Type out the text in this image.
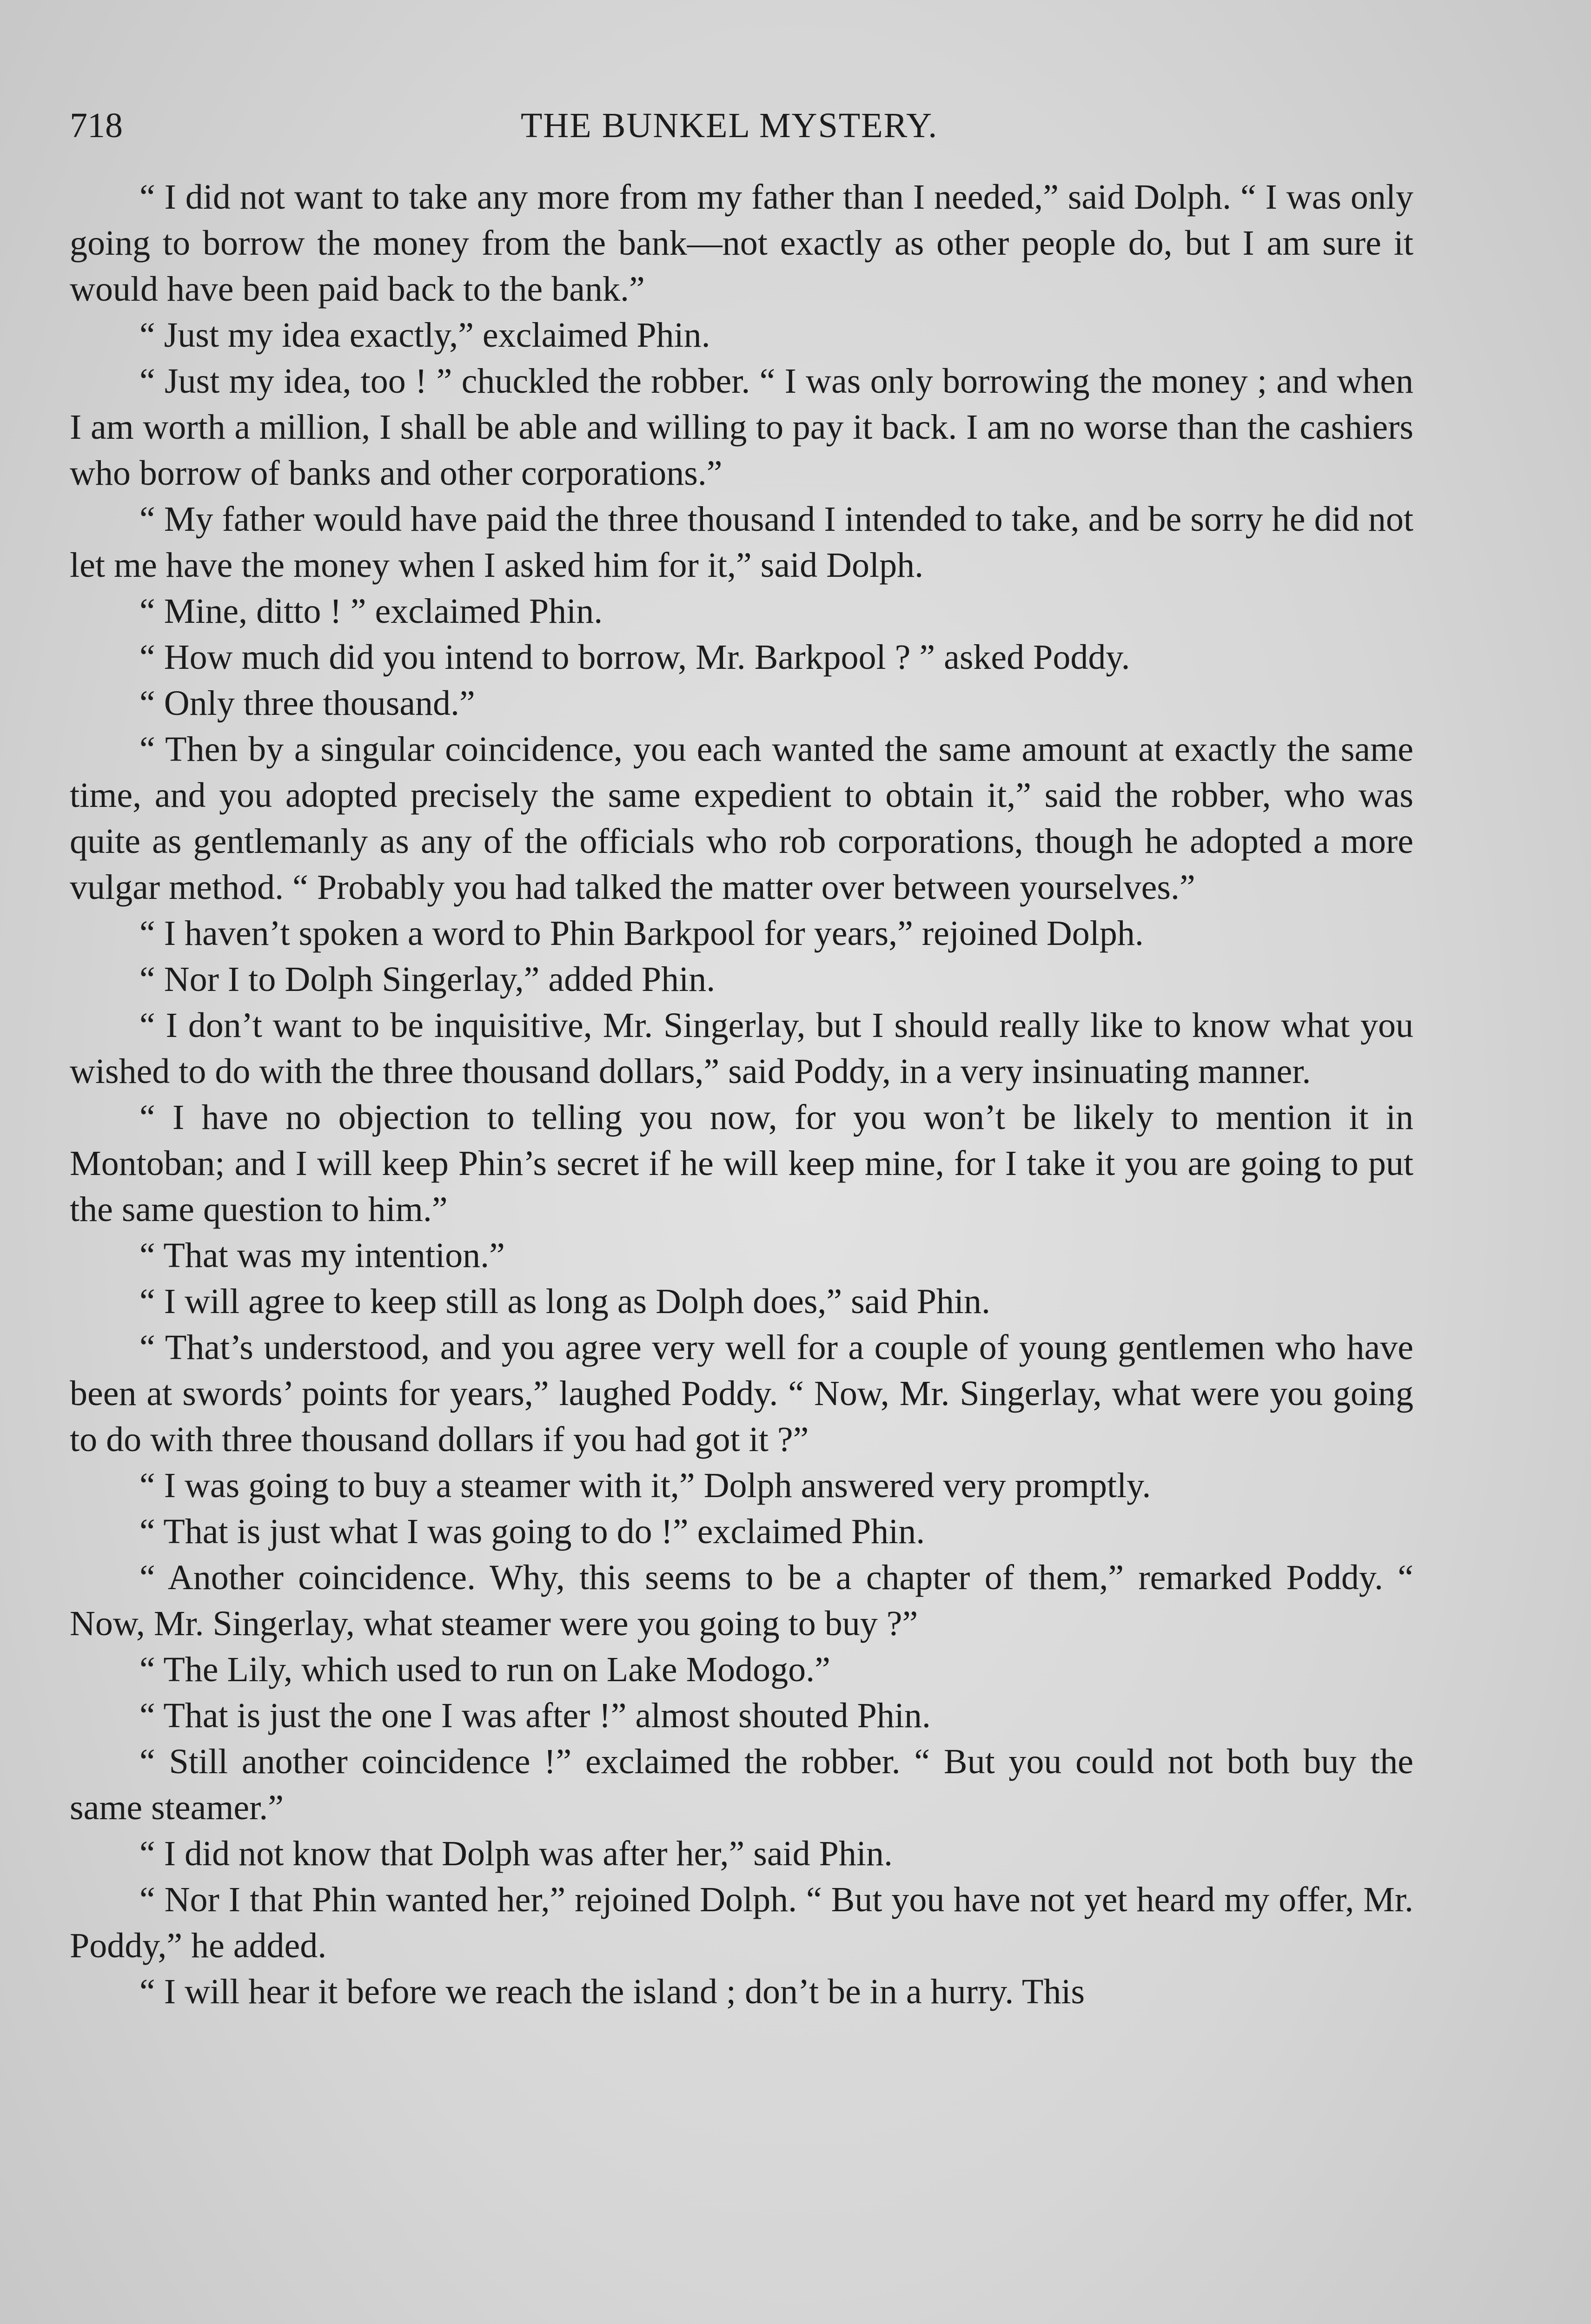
718	THE BUNKEL MYSTERY.

“ I did not want to take any more from my father than I needed,” said Dolph. “ I was only going to borrow the money from the bank—not exactly as other people do, but I am sure it would have been paid back to the bank.”

“ Just my idea exactly,” exclaimed Phin.

“ Just my idea, too ! ” chuckled the robber. “ I was only borrowing the money ; and when I am worth a million, I shall be able and willing to pay it back. I am no worse than the cashiers who borrow of banks and other corporations.”

“ My father would have paid the three thousand I intended to take, and be sorry he did not let me have the money when I asked him for it,” said Dolph.

“ Mine, ditto ! ” exclaimed Phin.

“ How much did you intend to borrow, Mr. Barkpool ? ” asked Poddy.

“ Only three thousand.”

“ Then by a singular coincidence, you each wanted the same amount at exactly the same time, and you adopted precisely the same expedient to obtain it,” said the robber, who was quite as gentlemanly as any of the officials who rob corporations, though he adopted a more vulgar method. “ Probably you had talked the matter over between yourselves.”

“ I haven’t spoken a word to Phin Barkpool for years,” rejoined Dolph.

“ Nor I to Dolph Singerlay,” added Phin.

“ I don’t want to be inquisitive, Mr. Singerlay, but I should really like to know what you wished to do with the three thousand dollars,” said Poddy, in a very insinuating manner.

“ I have no objection to telling you now, for you won’t be likely to mention it in Montoban; and I will keep Phin’s secret if he will keep mine, for I take it you are going to put the same question to him.”

“ That was my intention.”

“ I will agree to keep still as long as Dolph does,” said Phin.

“ That’s understood, and you agree very well for a couple of young gentlemen who have been at swords’ points for years,” laughed Poddy. “ Now, Mr. Singerlay, what were you going to do with three thousand dollars if you had got it ?”

“ I was going to buy a steamer with it,” Dolph answered very promptly.

“ That is just what I was going to do !” exclaimed Phin.

“ Another coincidence. Why, this seems to be a chapter of them,” remarked Poddy. “ Now, Mr. Singerlay, what steamer were you going to buy ?”

“ The Lily, which used to run on Lake Modogo.”

“ That is just the one I was after !” almost shouted Phin.

“ Still another coincidence !” exclaimed the robber. “ But you could not both buy the same steamer.”

“ I did not know that Dolph was after her,” said Phin.

“ Nor I that Phin wanted her,” rejoined Dolph. “ But you have not yet heard my offer, Mr. Poddy,” he added.

“ I will hear it before we reach the island ; don’t be in a hurry. This
